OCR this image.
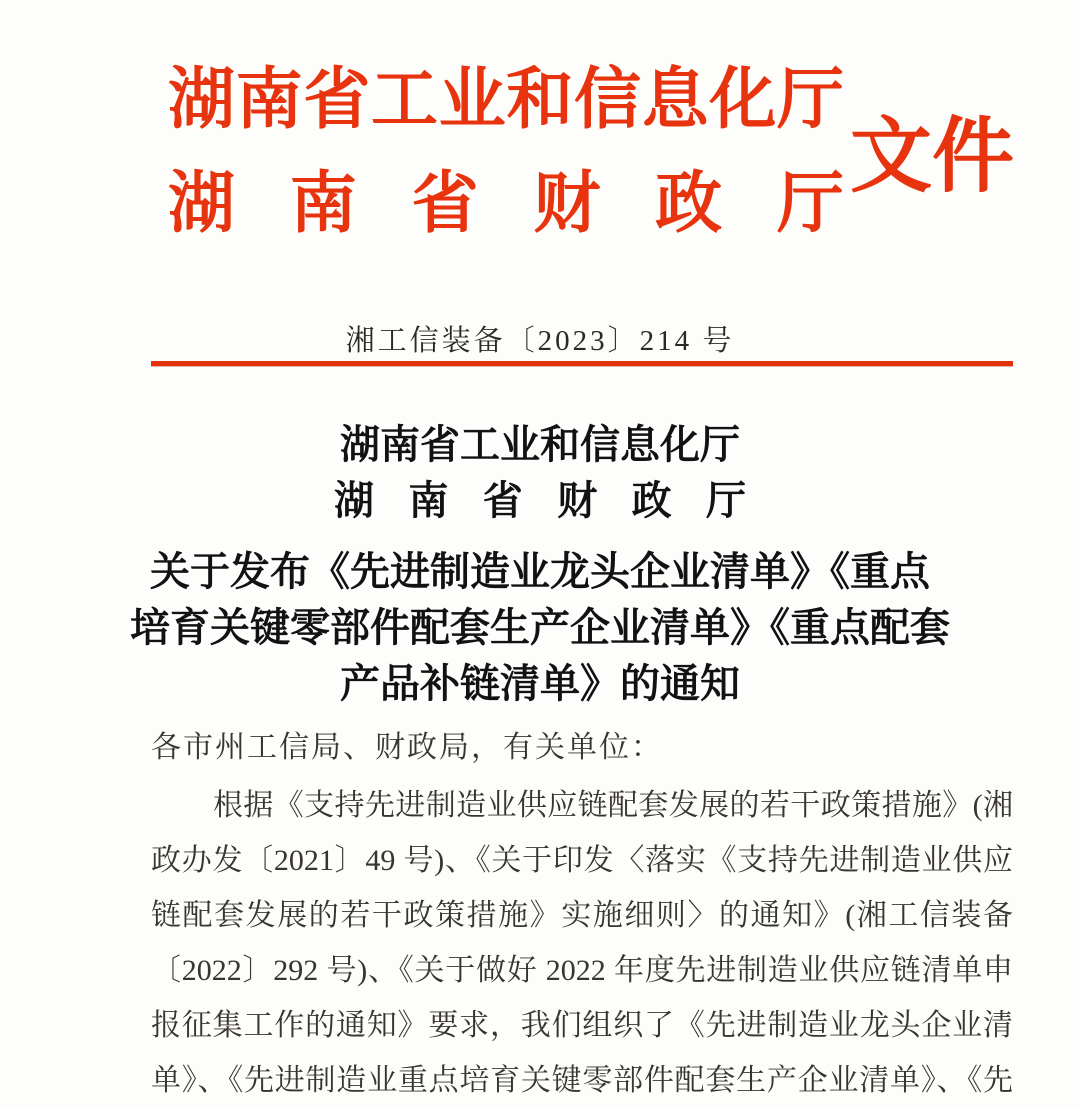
湖南省工业和信息化厅
湖南省财政厅
文件
湘工信装备〔2023〕214 号
湖南省工业和信息化厅
湖南省财政厅
关于发布《先进制造业龙头企业清单》《重点
培育关键零部件配套生产企业清单》《重点配套
产品补链清单》的通知

各市州工信局、财政局，有关单位：

根据《支持先进制造业供应链配套发展的若干政策措施》(湘
政办发〔2021〕49 号)、《关于印发〈落实《支持先进制造业供应
链配套发展的若干政策措施》实施细则〉的通知》(湘工信装备
〔2022〕292 号)、《关于做好 2022 年度先进制造业供应链清单申
报征集工作的通知》要求，我们组织了《先进制造业龙头企业清
单》、《先进制造业重点培育关键零部件配套生产企业清单》、《先
